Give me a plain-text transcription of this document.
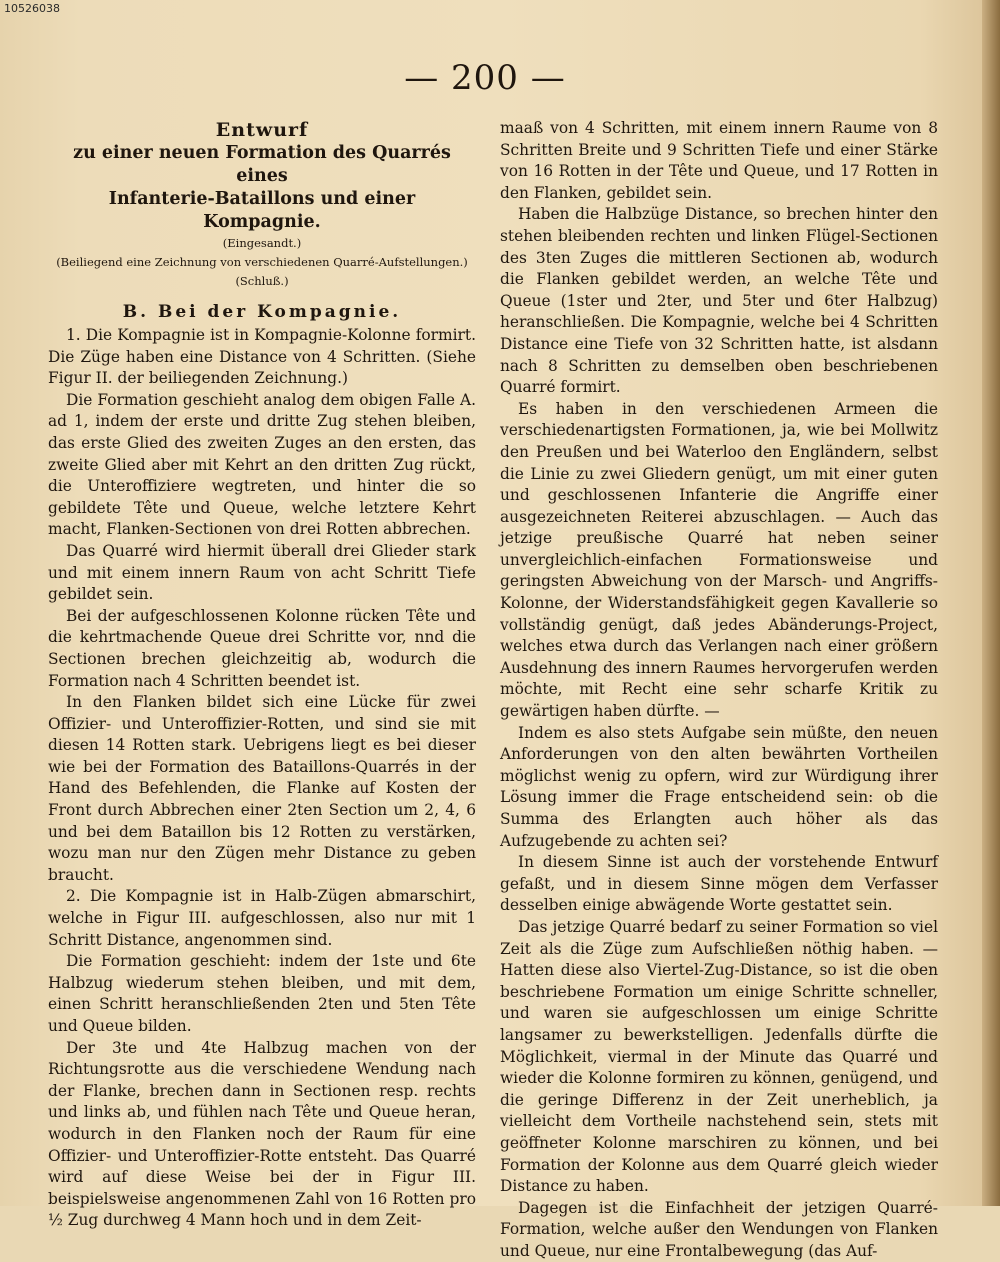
10526038
— 200 —

Entwurf

zu einer neuen Formation des Quarrés eines

Infanterie-Bataillons und einer Kompagnie.

(Eingesandt.)

(Beiliegend eine Zeichnung von verschiedenen Quarré-Aufstellungen.)

(Schluß.)

B. Bei der Kompagnie.

1. Die Kompagnie ist in Kompagnie-Kolonne formirt. Die Züge haben eine Distance von 4 Schritten. (Siehe Figur II. der beiliegenden Zeichnung.)

Die Formation geschieht analog dem obigen Falle A. ad 1, indem der erste und dritte Zug stehen bleiben, das erste Glied des zweiten Zuges an den ersten, das zweite Glied aber mit Kehrt an den dritten Zug rückt, die Unteroffiziere wegtreten, und hinter die so gebildete Tête und Queue, welche letztere Kehrt macht, Flanken-Sectionen von drei Rotten abbrechen.

Das Quarré wird hiermit überall drei Glieder stark und mit einem innern Raum von acht Schritt Tiefe gebildet sein.

Bei der aufgeschlossenen Kolonne rücken Tête und die kehrtmachende Queue drei Schritte vor, nnd die Sectionen brechen gleichzeitig ab, wodurch die Formation nach 4 Schritten beendet ist.

In den Flanken bildet sich eine Lücke für zwei Offizier- und Unteroffizier-Rotten, und sind sie mit diesen 14 Rotten stark. Uebrigens liegt es bei dieser wie bei der Formation des Bataillons-Quarrés in der Hand des Befehlenden, die Flanke auf Kosten der Front durch Abbrechen einer 2ten Section um 2, 4, 6 und bei dem Bataillon bis 12 Rotten zu verstärken, wozu man nur den Zügen mehr Distance zu geben braucht.

2. Die Kompagnie ist in Halb-Zügen abmarschirt, welche in Figur III. aufgeschlossen, also nur mit 1 Schritt Distance, angenommen sind.

Die Formation geschieht: indem der 1ste und 6te Halbzug wiederum stehen bleiben, und mit dem, einen Schritt heranschließenden 2ten und 5ten Tête und Queue bilden.

Der 3te und 4te Halbzug machen von der Richtungsrotte aus die verschiedene Wendung nach der Flanke, brechen dann in Sectionen resp. rechts und links ab, und fühlen nach Tête und Queue heran, wodurch in den Flanken noch der Raum für eine Offizier- und Unteroffizier-Rotte entsteht. Das Quarré wird auf diese Weise bei der in Figur III. beispielsweise angenommenen Zahl von 16 Rotten pro ½ Zug durchweg 4 Mann hoch und in dem Zeit-

maaß von 4 Schritten, mit einem innern Raume von 8 Schritten Breite und 9 Schritten Tiefe und einer Stärke von 16 Rotten in der Tête und Queue, und 17 Rotten in den Flanken, gebildet sein.

Haben die Halbzüge Distance, so brechen hinter den stehen bleibenden rechten und linken Flügel-Sectionen des 3ten Zuges die mittleren Sectionen ab, wodurch die Flanken gebildet werden, an welche Tête und Queue (1ster und 2ter, und 5ter und 6ter Halbzug) heranschließen. Die Kompagnie, welche bei 4 Schritten Distance eine Tiefe von 32 Schritten hatte, ist alsdann nach 8 Schritten zu demselben oben beschriebenen Quarré formirt.

Es haben in den verschiedenen Armeen die verschiedenartigsten Formationen, ja, wie bei Mollwitz den Preußen und bei Waterloo den Engländern, selbst die Linie zu zwei Gliedern genügt, um mit einer guten und geschlossenen Infanterie die Angriffe einer ausgezeichneten Reiterei abzuschlagen. — Auch das jetzige preußische Quarré hat neben seiner unvergleichlich-einfachen Formationsweise und geringsten Abweichung von der Marsch- und Angriffs-Kolonne, der Widerstandsfähigkeit gegen Kavallerie so vollständig genügt, daß jedes Abänderungs-Project, welches etwa durch das Verlangen nach einer größern Ausdehnung des innern Raumes hervorgerufen werden möchte, mit Recht eine sehr scharfe Kritik zu gewärtigen haben dürfte. —

Indem es also stets Aufgabe sein müßte, den neuen Anforderungen von den alten bewährten Vortheilen möglichst wenig zu opfern, wird zur Würdigung ihrer Lösung immer die Frage entscheidend sein: ob die Summa des Erlangten auch höher als das Aufzugebende zu achten sei?

In diesem Sinne ist auch der vorstehende Entwurf gefaßt, und in diesem Sinne mögen dem Verfasser desselben einige abwägende Worte gestattet sein.

Das jetzige Quarré bedarf zu seiner Formation so viel Zeit als die Züge zum Aufschließen nöthig haben. — Hatten diese also Viertel-Zug-Distance, so ist die oben beschriebene Formation um einige Schritte schneller, und waren sie aufgeschlossen um einige Schritte langsamer zu bewerkstelligen. Jedenfalls dürfte die Möglichkeit, viermal in der Minute das Quarré und wieder die Kolonne formiren zu können, genügend, und die geringe Differenz in der Zeit unerheblich, ja vielleicht dem Vortheile nachstehend sein, stets mit geöffneter Kolonne marschiren zu können, und bei Formation der Kolonne aus dem Quarré gleich wieder Distance zu haben.

Dagegen ist die Einfachheit der jetzigen Quarré-Formation, welche außer den Wendungen von Flanken und Queue, nur eine Frontalbewegung (das Auf-
